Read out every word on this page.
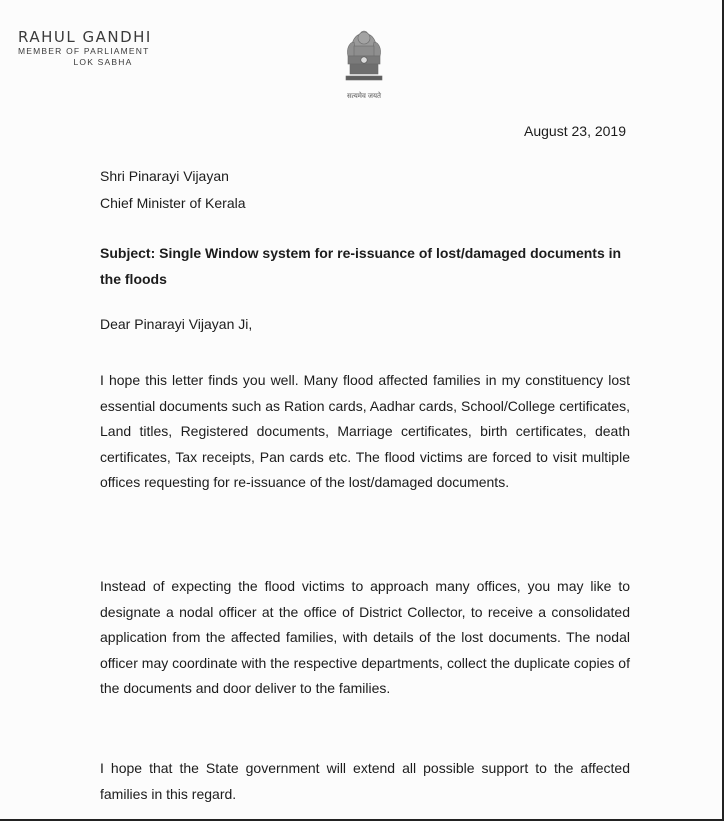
RAHUL GANDHI
MEMBER OF PARLIAMENT
LOK SABHA
सत्यमेव जयते
August 23, 2019
Shri Pinarayi Vijayan
Chief Minister of Kerala
Subject: Single Window system for re-issuance of lost/damaged documents in the floods
Dear Pinarayi Vijayan Ji,

I hope this letter finds you well. Many flood affected families in my constituency lost essential documents such as Ration cards, Aadhar cards, School/College certificates, Land titles, Registered documents, Marriage certificates, birth certificates, death certificates, Tax receipts, Pan cards etc. The flood victims are forced to visit multiple offices requesting for re-issuance of the lost/damaged documents.

Instead of expecting the flood victims to approach many offices, you may like to designate a nodal officer at the office of District Collector, to receive a consolidated application from the affected families, with details of the lost documents. The nodal officer may coordinate with the respective departments, collect the duplicate copies of the documents and door deliver to the families.

I hope that the State government will extend all possible support to the affected families in this regard.
